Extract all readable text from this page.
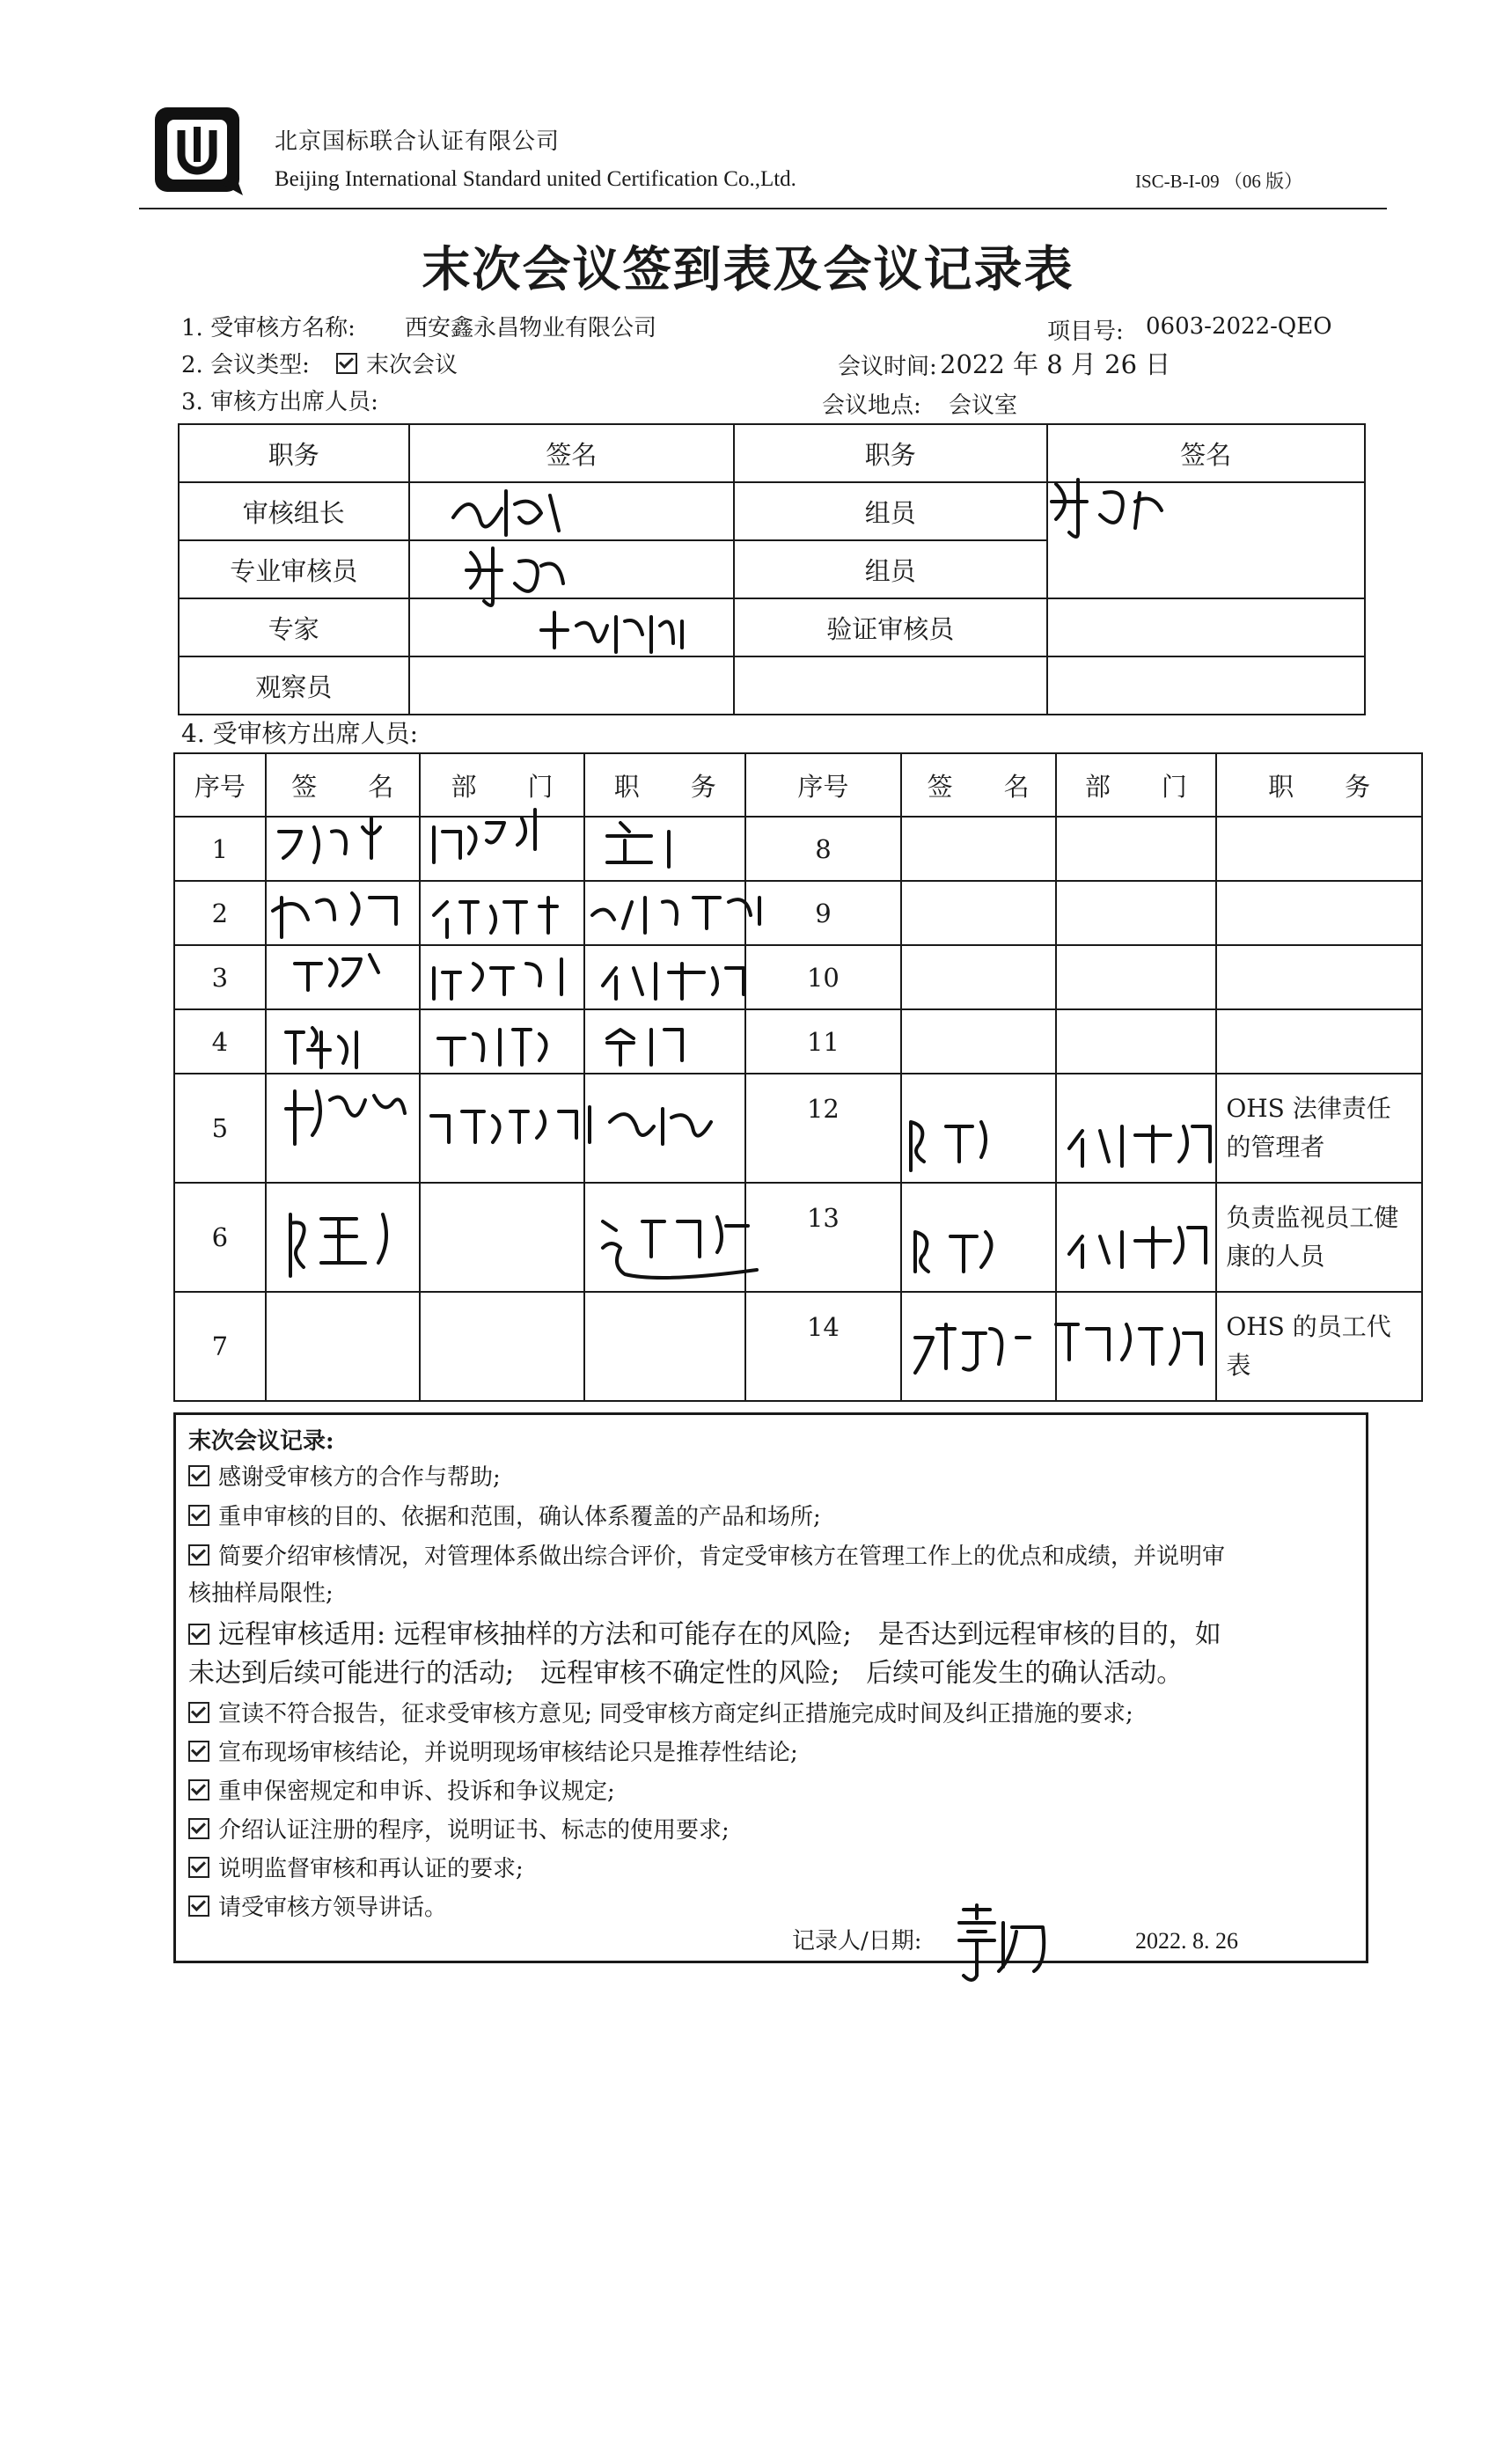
北京国标联合认证有限公司
Beijing International Standard united Certification Co.,Ltd.	ISC-B-I-09 （06 版）
末次会议签到表及会议记录表
1. 受审核方名称: 西安鑫永昌物业有限公司	项目号: 0603-2022-QEO
2. 会议类型:	末次会议	会议时间: 2022 年 8 月 26 日
3. 审核方出席人员:	会议地点: 会议室
职务	签名	职务	签名
审核组长		组员	
专业审核员		组员	
专家		验证审核员	
观察员			
4. 受审核方出席人员:
序号	签　　名	部　　门	职　　务	序号	签　　名	部　　门	职　　务
1				8			
2				9			
3				10			
4				11			
5				12			OHS 法律责任的管理者
6				13			负责监视员工健康的人员
7				14			OHS 的员工代表
末次会议记录:
感谢受审核方的合作与帮助;
重申审核的目的、依据和范围，确认体系覆盖的产品和场所;
简要介绍审核情况，对管理体系做出综合评价，肯定受审核方在管理工作上的优点和成绩，并说明审
核抽样局限性;
远程审核适用: 远程审核抽样的方法和可能存在的风险;　是否达到远程审核的目的，如
未达到后续可能进行的活动;　远程审核不确定性的风险;　后续可能发生的确认活动。
宣读不符合报告，征求受审核方意见; 同受审核方商定纠正措施完成时间及纠正措施的要求;
宣布现场审核结论，并说明现场审核结论只是推荐性结论;
重申保密规定和申诉、投诉和争议规定;
介绍认证注册的程序，说明证书、标志的使用要求;
说明监督审核和再认证的要求;
请受审核方领导讲话。
记录人/日期:	2022. 8. 26
